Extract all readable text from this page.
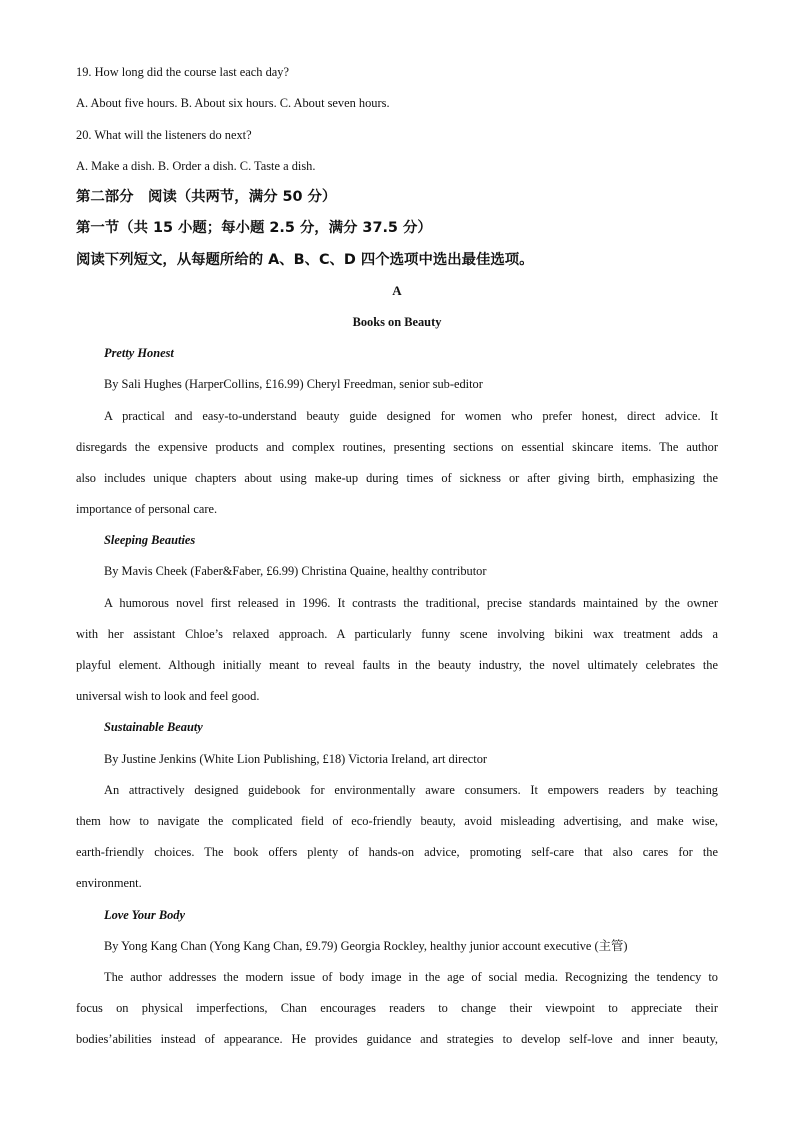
19. How long did the course last each day?
A. About five hours. B. About six hours. C. About seven hours.
20. What will the listeners do next?
A. Make a dish. B. Order a dish. C. Taste a dish.
第二部分　阅读（共两节，满分 50 分）
第一节（共 15 小题；每小题 2.5 分，满分 37.5 分）
阅读下列短文，从每题所给的 A、B、C、D 四个选项中选出最佳选项。
A
Books on Beauty
Pretty Honest
By Sali Hughes (HarperCollins, £16.99) Cheryl Freedman, senior sub-editor
A practical and easy-to-understand beauty guide designed for women who prefer honest, direct advice. It
disregards the expensive products and complex routines, presenting sections on essential skincare items. The author
also includes unique chapters about using make-up during times of sickness or after giving birth, emphasizing the
importance of personal care.
Sleeping Beauties
By Mavis Cheek (Faber&Faber, £6.99) Christina Quaine, healthy contributor
A humorous novel first released in 1996. It contrasts the traditional, precise standards maintained by the owner
with her assistant Chloe’s relaxed approach. A particularly funny scene involving bikini wax treatment adds a
playful element. Although initially meant to reveal faults in the beauty industry, the novel ultimately celebrates the
universal wish to look and feel good.
Sustainable Beauty
By Justine Jenkins (White Lion Publishing, £18) Victoria Ireland, art director
An attractively designed guidebook for environmentally aware consumers. It empowers readers by teaching
them how to navigate the complicated field of eco-friendly beauty, avoid misleading advertising, and make wise,
earth-friendly choices. The book offers plenty of hands-on advice, promoting self-care that also cares for the
environment.
Love Your Body
By Yong Kang Chan (Yong Kang Chan, £9.79) Georgia Rockley, healthy junior account executive (主管)
The author addresses the modern issue of body image in the age of social media. Recognizing the tendency to
focus on physical imperfections, Chan encourages readers to change their viewpoint to appreciate their
bodies’abilities instead of appearance. He provides guidance and strategies to develop self-love and inner beauty,
